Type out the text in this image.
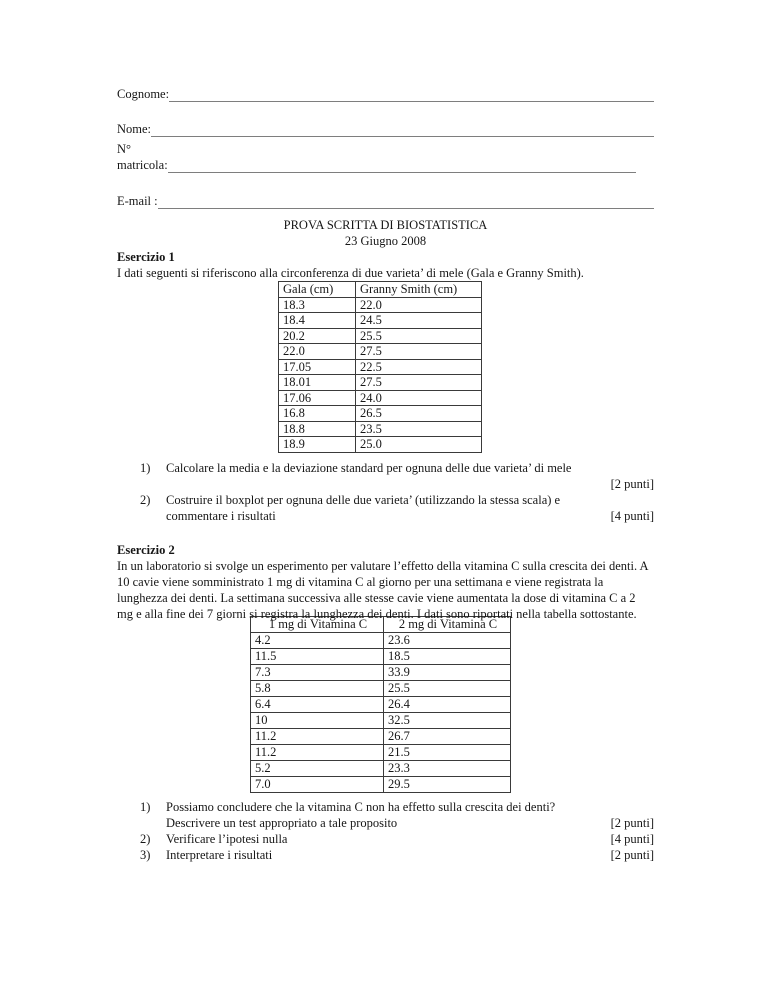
Cognome:
Nome:
N°
matricola:
E-mail :
PROVA SCRITTA DI BIOSTATISTICA
23 Giugno 2008
Esercizio 1
I dati seguenti si riferiscono alla circonferenza di due varieta’ di mele (Gala e Granny Smith).
Gala (cm)	Granny Smith (cm)
18.3	22.0
18.4	24.5
20.2	25.5
22.0	27.5
17.05	22.5
18.01	27.5
17.06	24.0
16.8	26.5
18.8	23.5
18.9	25.0
1) Calcolare la media e la deviazione standard per ognuna delle due varieta’ di mele
[2 punti]
2) Costruire il boxplot per ognuna delle due varieta’ (utilizzando la stessa scala) e
commentare i risultati	[4 punti]
Esercizio 2
In un laboratorio si svolge un esperimento per valutare l’effetto della vitamina C sulla crescita dei denti. A 10 cavie viene somministrato 1 mg di vitamina C al giorno per una settimana e viene registrata la lunghezza dei denti. La settimana successiva alle stesse cavie viene aumentata la dose di vitamina C a 2 mg e alla fine dei 7 giorni si registra la lunghezza dei denti. I dati sono riportati nella tabella sottostante.
1 mg di Vitamina C	2 mg di Vitamina C
4.2	23.6
11.5	18.5
7.3	33.9
5.8	25.5
6.4	26.4
10	32.5
11.2	26.7
11.2	21.5
5.2	23.3
7.0	29.5
1) Possiamo concludere che la vitamina C non ha effetto sulla crescita dei denti?
Descrivere un test appropriato a tale proposito	[2 punti]
2) Verificare l’ipotesi nulla	[4 punti]
3) Interpretare i risultati	[2 punti]
